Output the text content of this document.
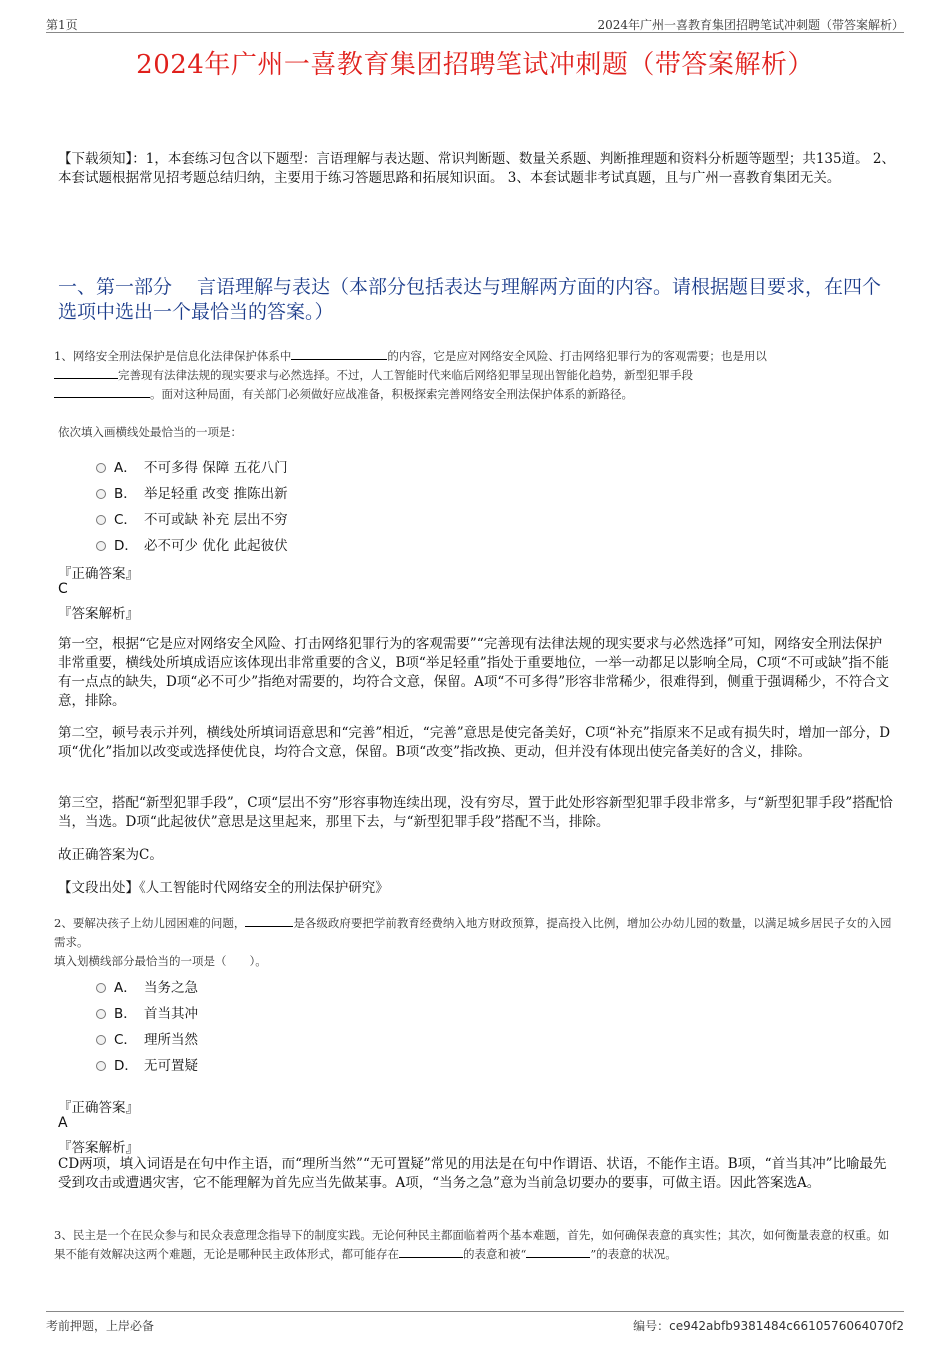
第1页	2024年广州一喜教育集团招聘笔试冲刺题（带答案解析）
2024年广州一喜教育集团招聘笔试冲刺题（带答案解析）
【下载须知】：1，本套练习包含以下题型：言语理解与表达题、常识判断题、数量关系题、判断推理题和资料分析题等题型；共135道。 2、本套试题根据常见招考题总结归纳，主要用于练习答题思路和拓展知识面。 3、本套试题非考试真题，且与广州一喜教育集团无关。
一、第一部分　 言语理解与表达（本部分包括表达与理解两方面的内容。请根据题目要求，在四个选项中选出一个最恰当的答案。）
1、网络安全刑法保护是信息化法律保护体系中	的内容，它是应对网络安全风险、打击网络犯罪行为的客观需要；也是用以
完善现有法律法规的现实要求与必然选择。不过，人工智能时代来临后网络犯罪呈现出智能化趋势，新型犯罪手段
。面对这种局面，有关部门必须做好应战准备，积极探索完善网络安全刑法保护体系的新路径。
依次填入画横线处最恰当的一项是：
A． 不可多得 保障 五花八门
B． 举足轻重 改变 推陈出新
C． 不可或缺 补充 层出不穷
D． 必不可少 优化 此起彼伏
『正确答案』
C
『答案解析』
第一空，根据“它是应对网络安全风险、打击网络犯罪行为的客观需要”“完善现有法律法规的现实要求与必然选择”可知，网络安全刑法保护非常重要，横线处所填成语应该体现出非常重要的含义，B项“举足轻重”指处于重要地位，一举一动都足以影响全局，C项“不可或缺”指不能有一点点的缺失，D项“必不可少”指绝对需要的，均符合文意，保留。A项“不可多得”形容非常稀少，很难得到，侧重于强调稀少，不符合文意，排除。
第二空，顿号表示并列，横线处所填词语意思和“完善”相近，“完善”意思是使完备美好，C项“补充”指原来不足或有损失时，增加一部分，D项“优化”指加以改变或选择使优良，均符合文意，保留。B项“改变”指改换、更动，但并没有体现出使完备美好的含义，排除。
第三空，搭配“新型犯罪手段”，C项“层出不穷”形容事物连续出现，没有穷尽，置于此处形容新型犯罪手段非常多，与“新型犯罪手段”搭配恰当，当选。D项“此起彼伏”意思是这里起来，那里下去，与“新型犯罪手段”搭配不当，排除。
故正确答案为C。
【文段出处】《人工智能时代网络安全的刑法保护研究》
2、要解决孩子上幼儿园困难的问题，	是各级政府要把学前教育经费纳入地方财政预算，提高投入比例，增加公办幼儿园的数量，以满足城乡居民子女的入园需求。
填入划横线部分最恰当的一项是（　　）。
A． 当务之急
B． 首当其冲
C． 理所当然
D． 无可置疑
『正确答案』
A
『答案解析』
CD两项，填入词语是在句中作主语，而“理所当然”“无可置疑”常见的用法是在句中作谓语、状语，不能作主语。B项，“首当其冲”比喻最先受到攻击或遭遇灾害，它不能理解为首先应当先做某事。A项，“当务之急”意为当前急切要办的要事，可做主语。因此答案选A。
3、民主是一个在民众参与和民众表意理念指导下的制度实践。无论何种民主都面临着两个基本难题，首先，如何确保表意的真实性；其次，如何衡量表意的权重。如果不能有效解决这两个难题，无论是哪种民主政体形式，都可能存在	的表意和被“	”的表意的状况。
考前押题，上岸必备	编号：ce942abfb9381484c6610576064070f2
